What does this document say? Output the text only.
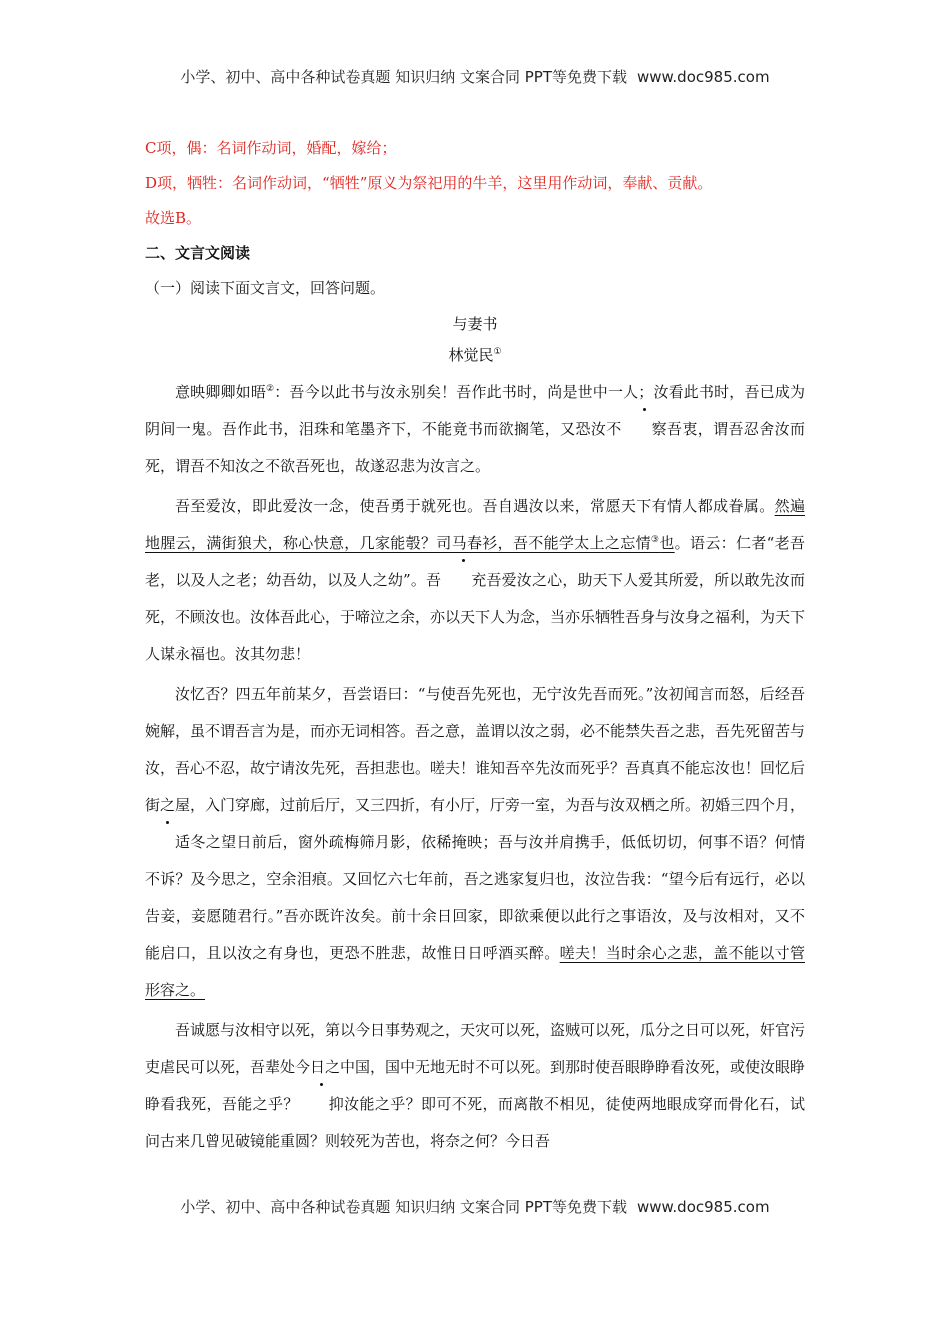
小学、初中、高中各种试卷真题 知识归纳 文案合同 PPT等免费下载 www.doc985.com

C项，偶：名词作动词，婚配，嫁给；

D项，牺牲：名词作动词，“牺牲”原义为祭祀用的牛羊，这里用作动词，奉献、贡献。

故选B。

二、文言文阅读

（一）阅读下面文言文，回答问题。

与妻书

林觉民①

意映卿卿如晤②：吾今以此书与汝永别矣！吾作此书时，尚是世中一人；汝看此书时，吾已成为阴间一鬼。吾作此书，泪珠和笔墨齐下，不能竟书而欲搁笔，又恐汝不 察吾衷，谓吾忍舍汝而死，谓吾不知汝之不欲吾死也，故遂忍悲为汝言之。

吾至爱汝，即此爱汝一念，使吾勇于就死也。吾自遇汝以来，常愿天下有情人都成眷属。然遍地腥云，满街狼犬，称心快意，几家能彀？司马春衫，吾不能学太上之忘情③也。语云：仁者“老吾老，以及人之老；幼吾幼，以及人之幼”。吾 充吾爱汝之心，助天下人爱其所爱，所以敢先汝而死，不顾汝也。汝体吾此心，于啼泣之余，亦以天下人为念，当亦乐牺牲吾身与汝身之福利，为天下人谋永福也。汝其勿悲！

汝忆否？四五年前某夕，吾尝语曰：“与使吾先死也，无宁汝先吾而死。”汝初闻言而怒，后经吾婉解，虽不谓吾言为是，而亦无词相答。吾之意，盖谓以汝之弱，必不能禁失吾之悲，吾先死留苦与汝，吾心不忍，故宁请汝先死，吾担悲也。嗟夫！谁知吾卒先汝而死乎？吾真真不能忘汝也！回忆后街之屋，入门穿廊，过前后厅，又三四折，有小厅，厅旁一室，为吾与汝双栖之所。初婚三四个月，适冬之望日前后，窗外疏梅筛月影，依稀掩映；吾与汝并肩携手，低低切切，何事不语？何情不诉？及今思之，空余泪痕。又回忆六七年前，吾之逃家复归也，汝泣告我：“望今后有远行，必以告妾，妾愿随君行。”吾亦既许汝矣。前十余日回家，即欲乘便以此行之事语汝，及与汝相对，又不能启口，且以汝之有身也，更恐不胜悲，故惟日日呼酒买醉。嗟夫！当时余心之悲，盖不能以寸管形容之。

吾诚愿与汝相守以死，第以今日事势观之，天灾可以死，盗贼可以死，瓜分之日可以死，奸官污吏虐民可以死，吾辈处今日之中国，国中无地无时不可以死。到那时使吾眼睁睁看汝死，或使汝眼睁睁看我死，吾能之乎？ 抑汝能之乎？即可不死，而离散不相见，徒使两地眼成穿而骨化石，试问古来几曾见破镜能重圆？则较死为苦也，将奈之何？今日吾

小学、初中、高中各种试卷真题 知识归纳 文案合同 PPT等免费下载 www.doc985.com
